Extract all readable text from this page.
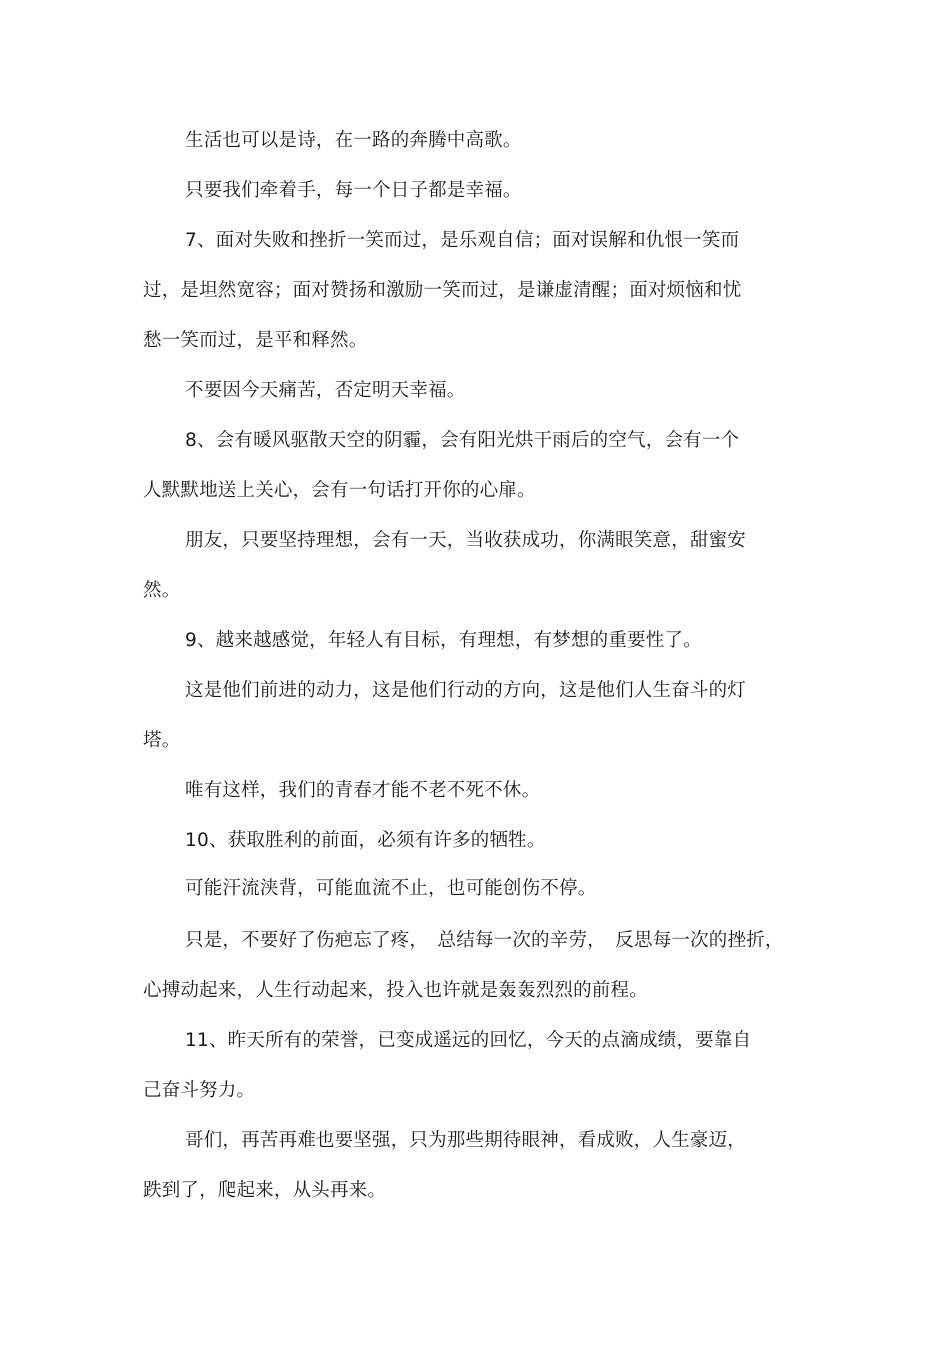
生活也可以是诗，在一路的奔腾中高歌。
只要我们牵着手，每一个日子都是幸福。
7、面对失败和挫折一笑而过，是乐观自信；面对误解和仇恨一笑而
过，是坦然宽容；面对赞扬和激励一笑而过，是谦虚清醒；面对烦恼和忧
愁一笑而过，是平和释然。
不要因今天痛苦，否定明天幸福。
8、会有暖风驱散天空的阴霾，会有阳光烘干雨后的空气，会有一个
人默默地送上关心，会有一句话打开你的心扉。
朋友，只要坚持理想，会有一天，当收获成功，你满眼笑意，甜蜜安
然。
9、越来越感觉，年轻人有目标，有理想，有梦想的重要性了。
这是他们前进的动力，这是他们行动的方向，这是他们人生奋斗的灯
塔。
唯有这样，我们的青春才能不老不死不休。
10、获取胜利的前面，必须有许多的牺牲。
可能汗流浃背，可能血流不止，也可能创伤不停。
只是，不要好了伤疤忘了疼，　总结每一次的辛劳，　反思每一次的挫折，
心搏动起来，人生行动起来，投入也许就是轰轰烈烈的前程。
11、昨天所有的荣誉，已变成遥远的回忆，今天的点滴成绩，要靠自
己奋斗努力。
哥们，再苦再难也要坚强，只为那些期待眼神，看成败，人生豪迈，
跌到了，爬起来，从头再来。
